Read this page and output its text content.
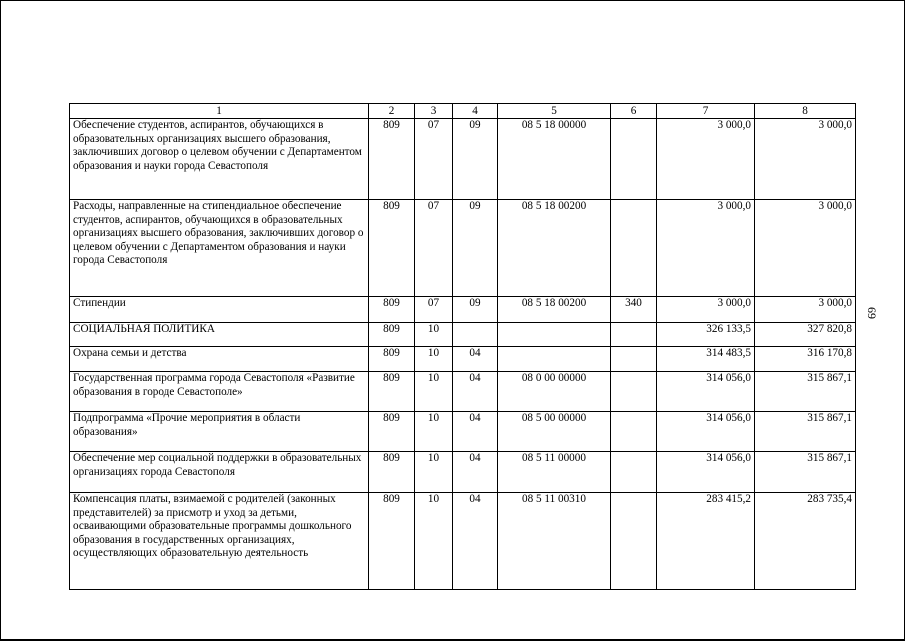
1	2	3	4	5	6	7	8
Обеспечение студентов, аспирантов, обучающихся в образовательных организациях высшего образования, заключивших договор о целевом обучении с Департаментом образования и науки города Севастополя	809	07	09	08 5 18 00000		3 000,0	3 000,0
Расходы, направленные на стипендиальное обеспечение студентов, аспирантов, обучающихся в образовательных организациях высшего образования, заключивших договор о целевом обучении с Департаментом образования и науки города Севастополя	809	07	09	08 5 18 00200		3 000,0	3 000,0
Стипендии	809	07	09	08 5 18 00200	340	3 000,0	3 000,0
СОЦИАЛЬНАЯ ПОЛИТИКА	809	10				326 133,5	327 820,8
Охрана семьи и детства	809	10	04			314 483,5	316 170,8
Государственная программа города Севастополя «Развитие образования в городе Севастополе»	809	10	04	08 0 00 00000		314 056,0	315 867,1
Подпрограмма «Прочие мероприятия в области образования»	809	10	04	08 5 00 00000		314 056,0	315 867,1
Обеспечение мер социальной поддержки в образовательных организациях города Севастополя	809	10	04	08 5 11 00000		314 056,0	315 867,1
Компенсация платы, взимаемой с родителей (законных представителей) за присмотр и уход за детьми, осваивающими образовательные программы дошкольного образования в государственных организациях, осуществляющих образовательную деятельность	809	10	04	08 5 11 00310		283 415,2	283 735,4
69
